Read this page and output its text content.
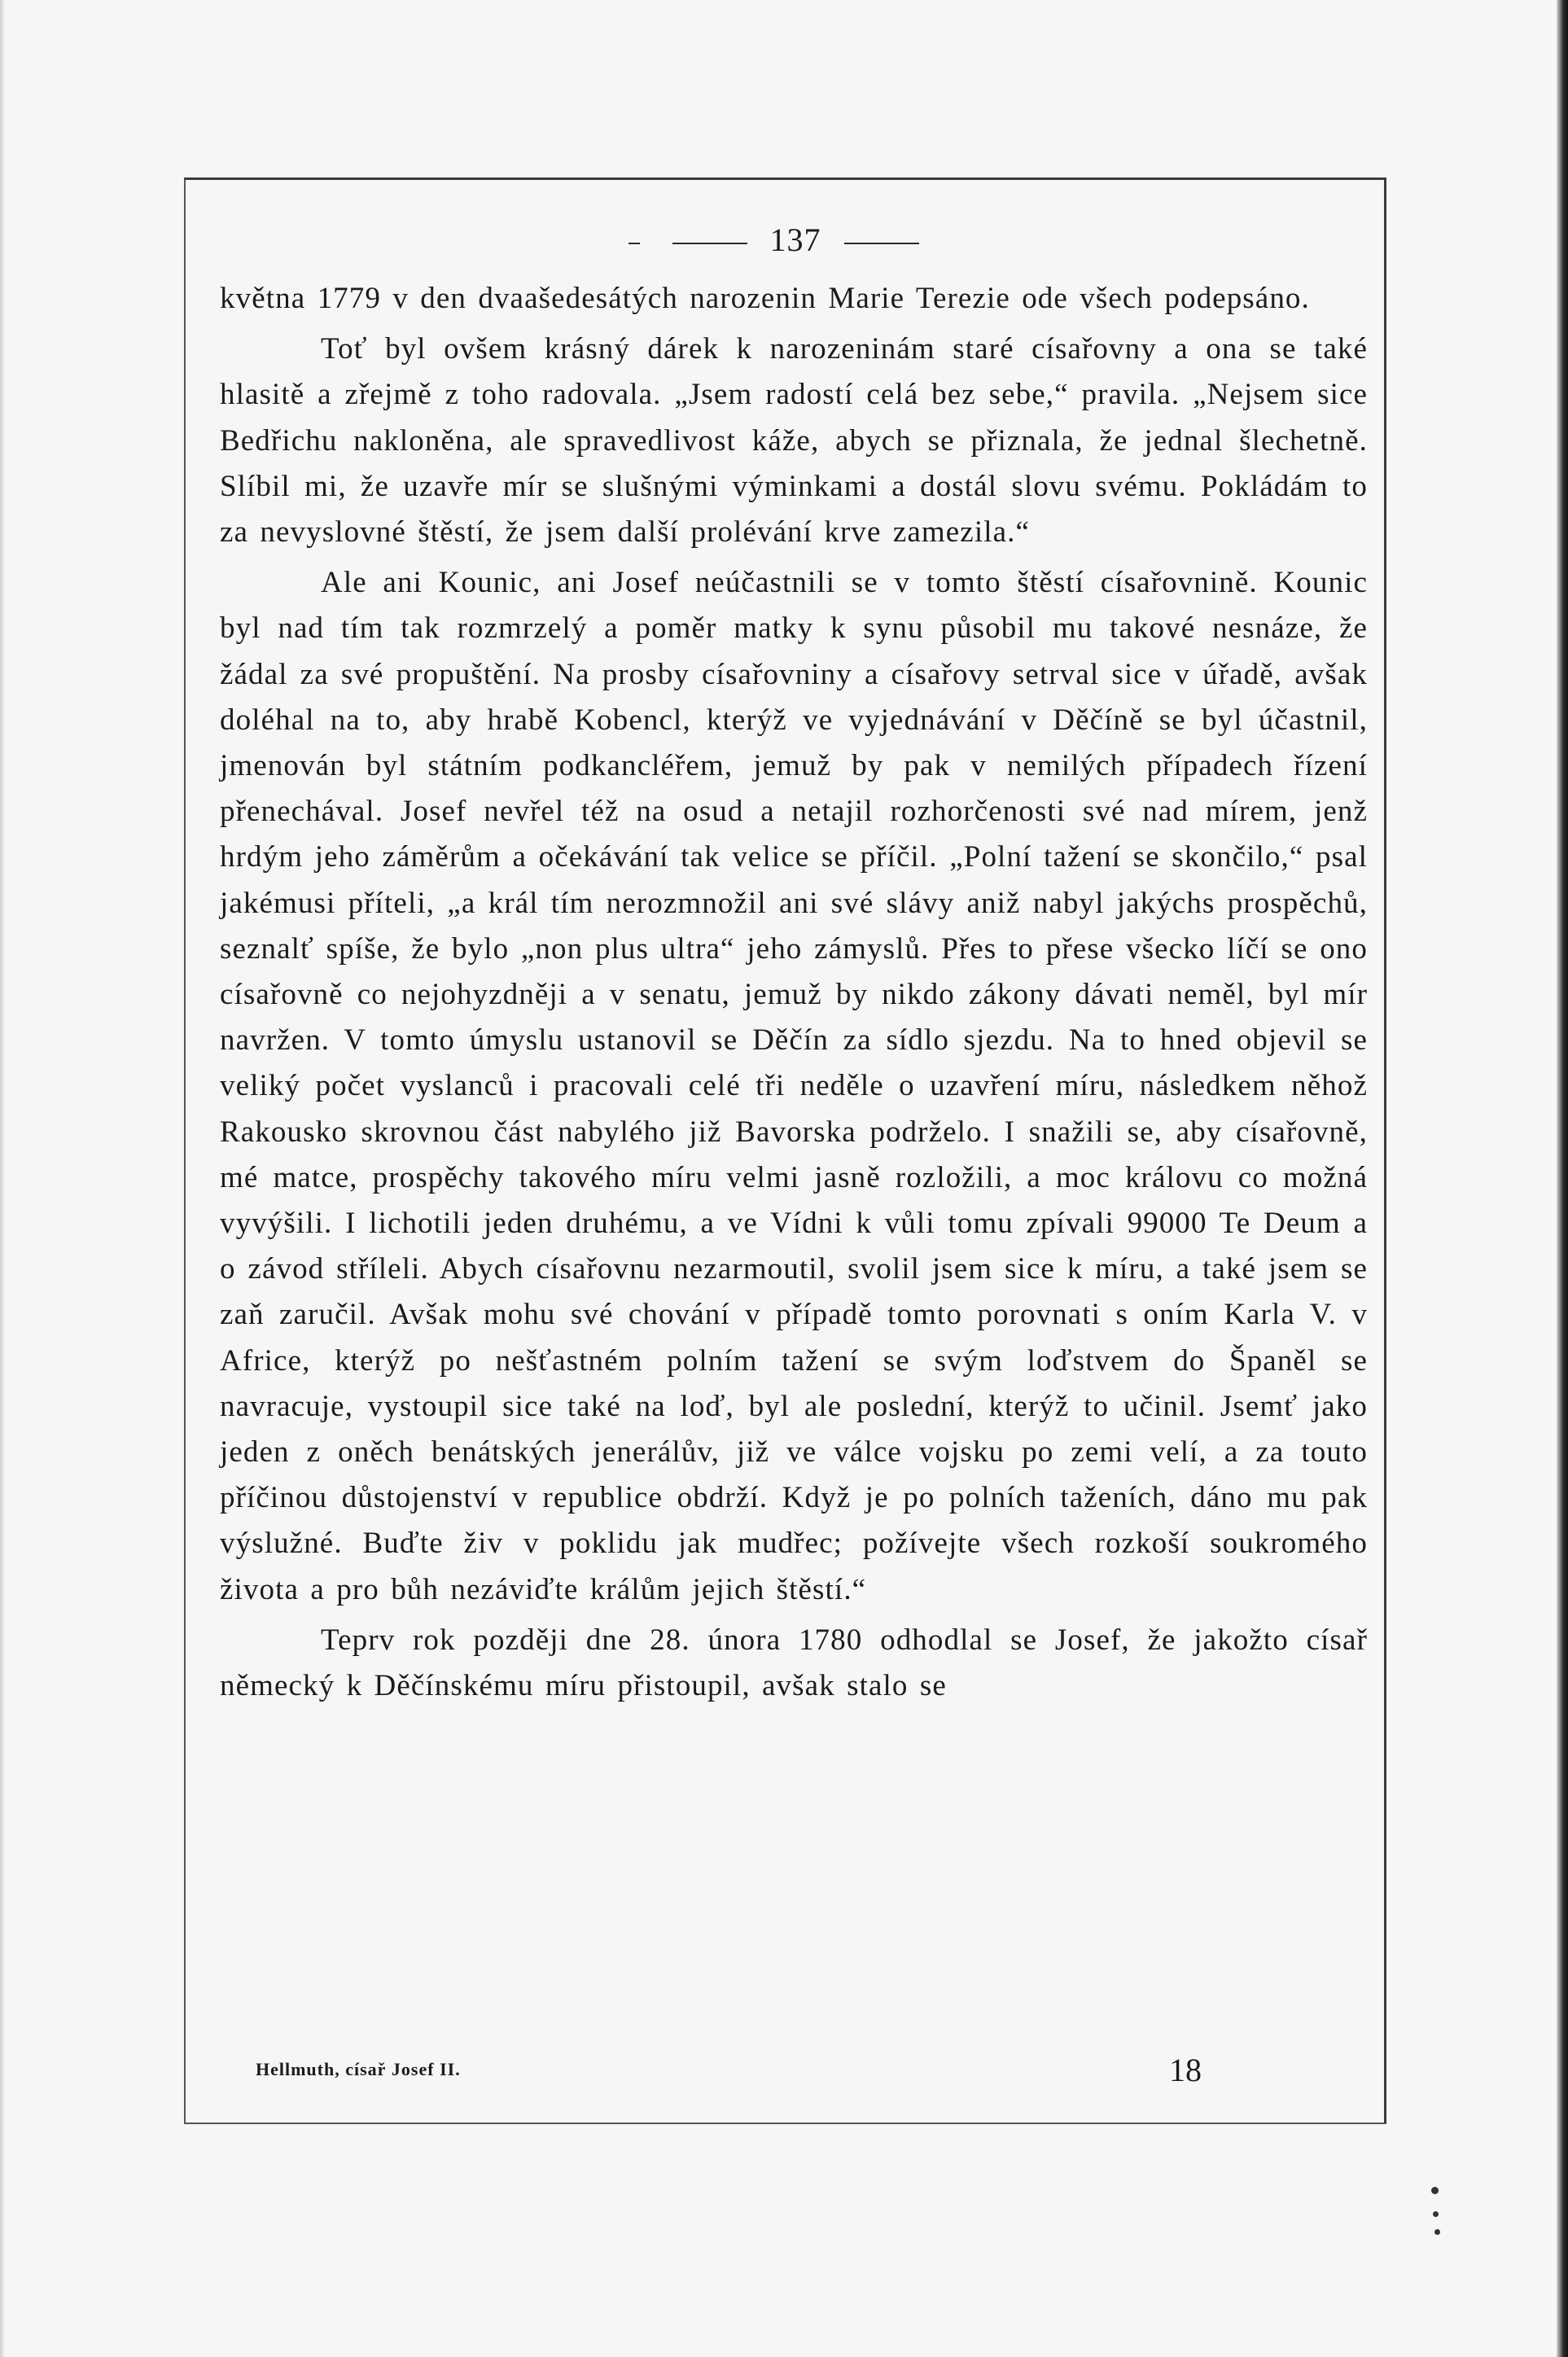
137

května 1779 v den dvaašedesátých narozenin Marie Terezie ode všech podepsáno.

Toť byl ovšem krásný dárek k narozeninám staré císařovny a ona se také hlasitě a zřejmě z toho radovala. „Jsem radostí celá bez sebe,“ pravila. „Nejsem sice Bedřichu nakloněna, ale spravedlivost káže, abych se přiznala, že jednal šlechetně. Slíbil mi, že uzavře mír se slušnými výminkami a dostál slovu svému. Pokládám to za nevyslovné štěstí, že jsem další prolévání krve zamezila.“

Ale ani Kounic, ani Josef neúčastnili se v tomto štěstí císařovnině. Kounic byl nad tím tak rozmrzelý a poměr matky k synu působil mu takové nesnáze, že žádal za své propuštění. Na prosby císařovniny a císařovy setrval sice v úřadě, avšak doléhal na to, aby hrabě Kobencl, kterýž ve vyjednávání v Děčíně se byl účastnil, jmenován byl státním podkancléřem, jemuž by pak v nemilých případech řízení přenechával. Josef nevřel též na osud a netajil rozhorčenosti své nad mírem, jenž hrdým jeho záměrům a očekávání tak velice se příčil. „Polní tažení se skončilo,“ psal jakémusi příteli, „a král tím nerozmnožil ani své slávy aniž nabyl jakýchs prospěchů, seznalť spíše, že bylo „non plus ultra“ jeho zámyslů. Přes to přese všecko líčí se ono císařovně co nejohyzdněji a v senatu, jemuž by nikdo zákony dávati neměl, byl mír navržen. V tomto úmyslu ustanovil se Děčín za sídlo sjezdu. Na to hned objevil se veliký počet vyslanců i pracovali celé tři neděle o uzavření míru, následkem něhož Rakousko skrovnou část nabylého již Bavorska podrželo. I snažili se, aby císařovně, mé matce, prospěchy takového míru velmi jasně rozložili, a moc královu co možná vyvýšili. I lichotili jeden druhému, a ve Vídni k vůli tomu zpívali 99000 Te Deum a o závod stříleli. Abych císařovnu nezarmoutil, svolil jsem sice k míru, a také jsem se zaň zaručil. Avšak mohu své chování v případě tomto porovnati s oním Karla V. v Africe, kterýž po nešťastném polním tažení se svým loďstvem do Španěl se navracuje, vystoupil sice také na loď, byl ale poslední, kterýž to učinil. Jsemť jako jeden z oněch benátských jenerálův, již ve válce vojsku po zemi velí, a za touto příčinou důstojenství v republice obdrží. Když je po polních taženích, dáno mu pak výslužné. Buďte živ v poklidu jak mudřec; požívejte všech rozkoší soukromého života a pro bůh nezáviďte králům jejich štěstí.“

Teprv rok později dne 28. února 1780 odhodlal se Josef, že jakožto císař německý k Děčínskému míru přistoupil, avšak stalo se

Hellmuth, císař Josef II.	18
